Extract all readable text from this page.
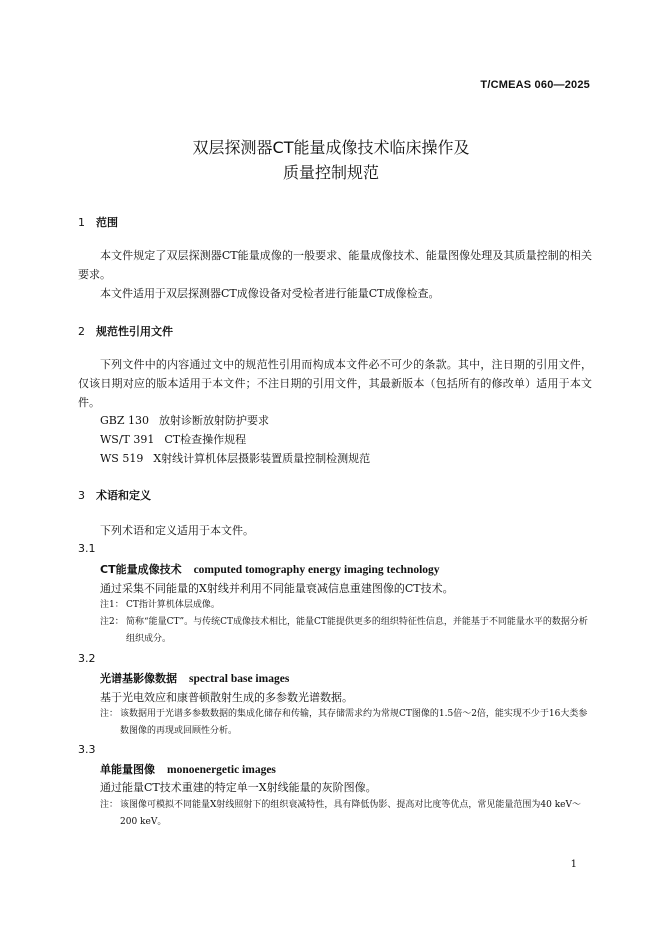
T/CMEAS 060—2025
双层探测器CT能量成像技术临床操作及
质量控制规范
1 范围
本文件规定了双层探测器CT能量成像的一般要求、能量成像技术、能量图像处理及其质量控制的相关要求。
本文件适用于双层探测器CT成像设备对受检者进行能量CT成像检查。
2 规范性引用文件
下列文件中的内容通过文中的规范性引用而构成本文件必不可少的条款。其中，注日期的引用文件，仅该日期对应的版本适用于本文件；不注日期的引用文件，其最新版本（包括所有的修改单）适用于本文件。
GBZ 130 放射诊断放射防护要求
WS/T 391 CT检查操作规程
WS 519 X射线计算机体层摄影装置质量控制检测规范
3 术语和定义
下列术语和定义适用于本文件。
3.1
CT能量成像技术 computed tomography energy imaging technology
通过采集不同能量的X射线并利用不同能量衰减信息重建图像的CT技术。
注1： CT指计算机体层成像。
注2： 简称“能量CT”。与传统CT成像技术相比，能量CT能提供更多的组织特征性信息，并能基于不同能量水平的数据分析组织成分。
3.2
光谱基影像数据 spectral base images
基于光电效应和康普顿散射生成的多参数光谱数据。
注： 该数据用于光谱多参数数据的集成化储存和传输，其存储需求约为常规CT图像的1.5倍～2倍，能实现不少于16大类参数图像的再现或回顾性分析。
3.3
单能量图像 monoenergetic images
通过能量CT技术重建的特定单一X射线能量的灰阶图像。
注： 该图像可模拟不同能量X射线照射下的组织衰减特性，具有降低伪影、提高对比度等优点，常见能量范围为40 keV～200 keV。
1
